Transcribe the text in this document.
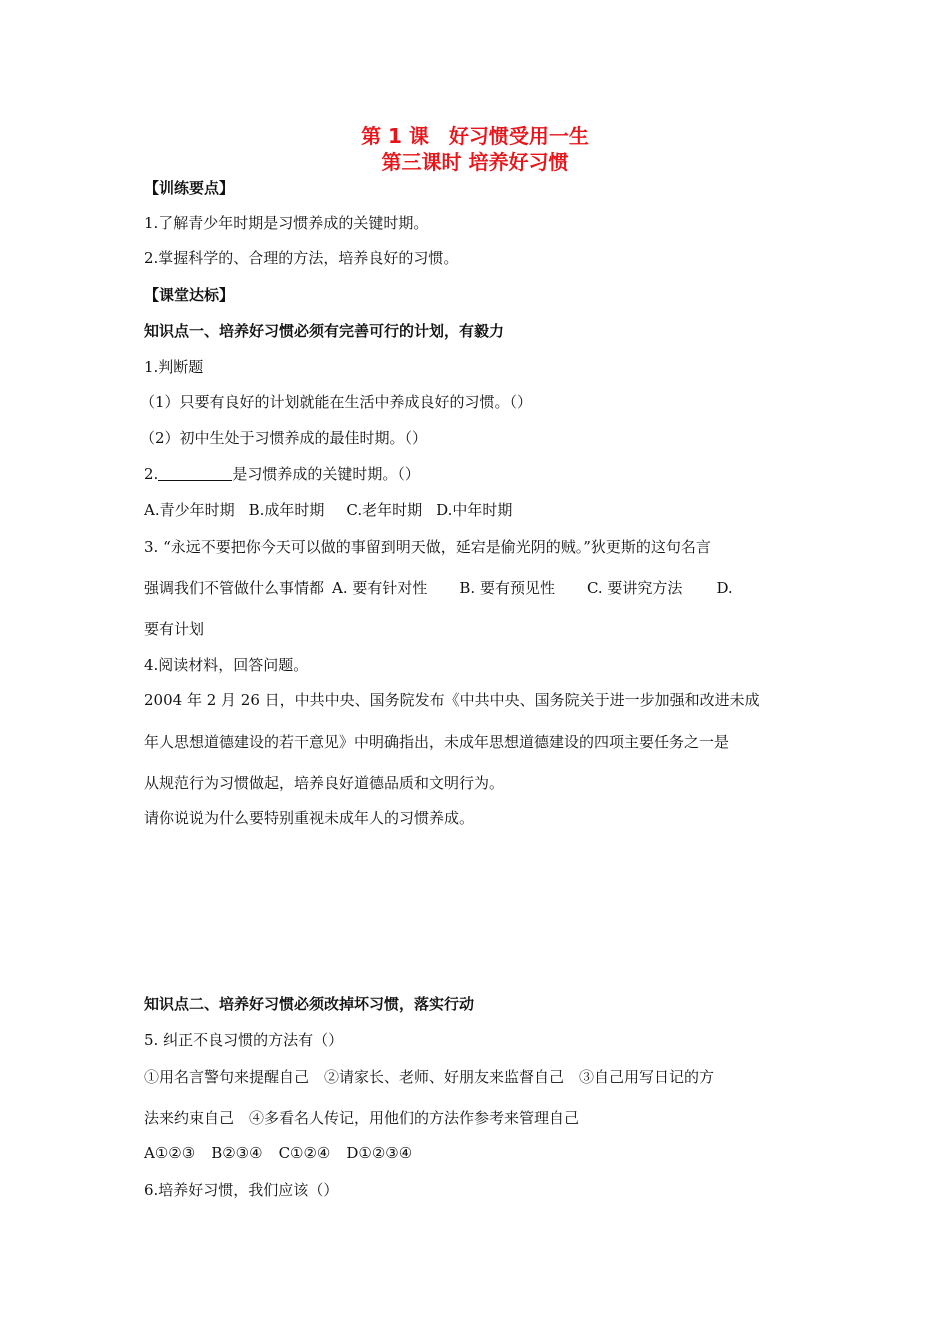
第 1 课　好习惯受用一生
第三课时 培养好习惯
【训练要点】
1.了解青少年时期是习惯养成的关键时期。
2.掌握科学的、合理的方法，培养良好的习惯。
【课堂达标】
知识点一、培养好习惯必须有完善可行的计划，有毅力
1.判断题
（1）只要有良好的计划就能在生活中养成良好的习惯。（）
（2）初中生处于习惯养成的最佳时期。（）
2.	是习惯养成的关键时期。（）
A.青少年时期 B.成年时期 C.老年时期 D.中年时期
3. “永远不要把你今天可以做的事留到明天做，延宕是偷光阴的贼。”狄更斯的这句名言
强调我们不管做什么事情都 A. 要有针对性 B. 要有预见性 C. 要讲究方法 D.
要有计划
4.阅读材料，回答问题。
2004 年 2 月 26 日，中共中央、国务院发布《中共中央、国务院关于进一步加强和改进未成
年人思想道德建设的若干意见》中明确指出，未成年思想道德建设的四项主要任务之一是
从规范行为习惯做起，培养良好道德品质和文明行为。
请你说说为什么要特别重视未成年人的习惯养成。
知识点二、培养好习惯必须改掉坏习惯，落实行动
5. 纠正不良习惯的方法有（）
①用名言警句来提醒自己　②请家长、老师、好朋友来监督自己　③自己用写日记的方
法来约束自己　④多看名人传记，用他们的方法作参考来管理自己
A①②③ B②③④ C①②④ D①②③④
6.培养好习惯，我们应该（）
